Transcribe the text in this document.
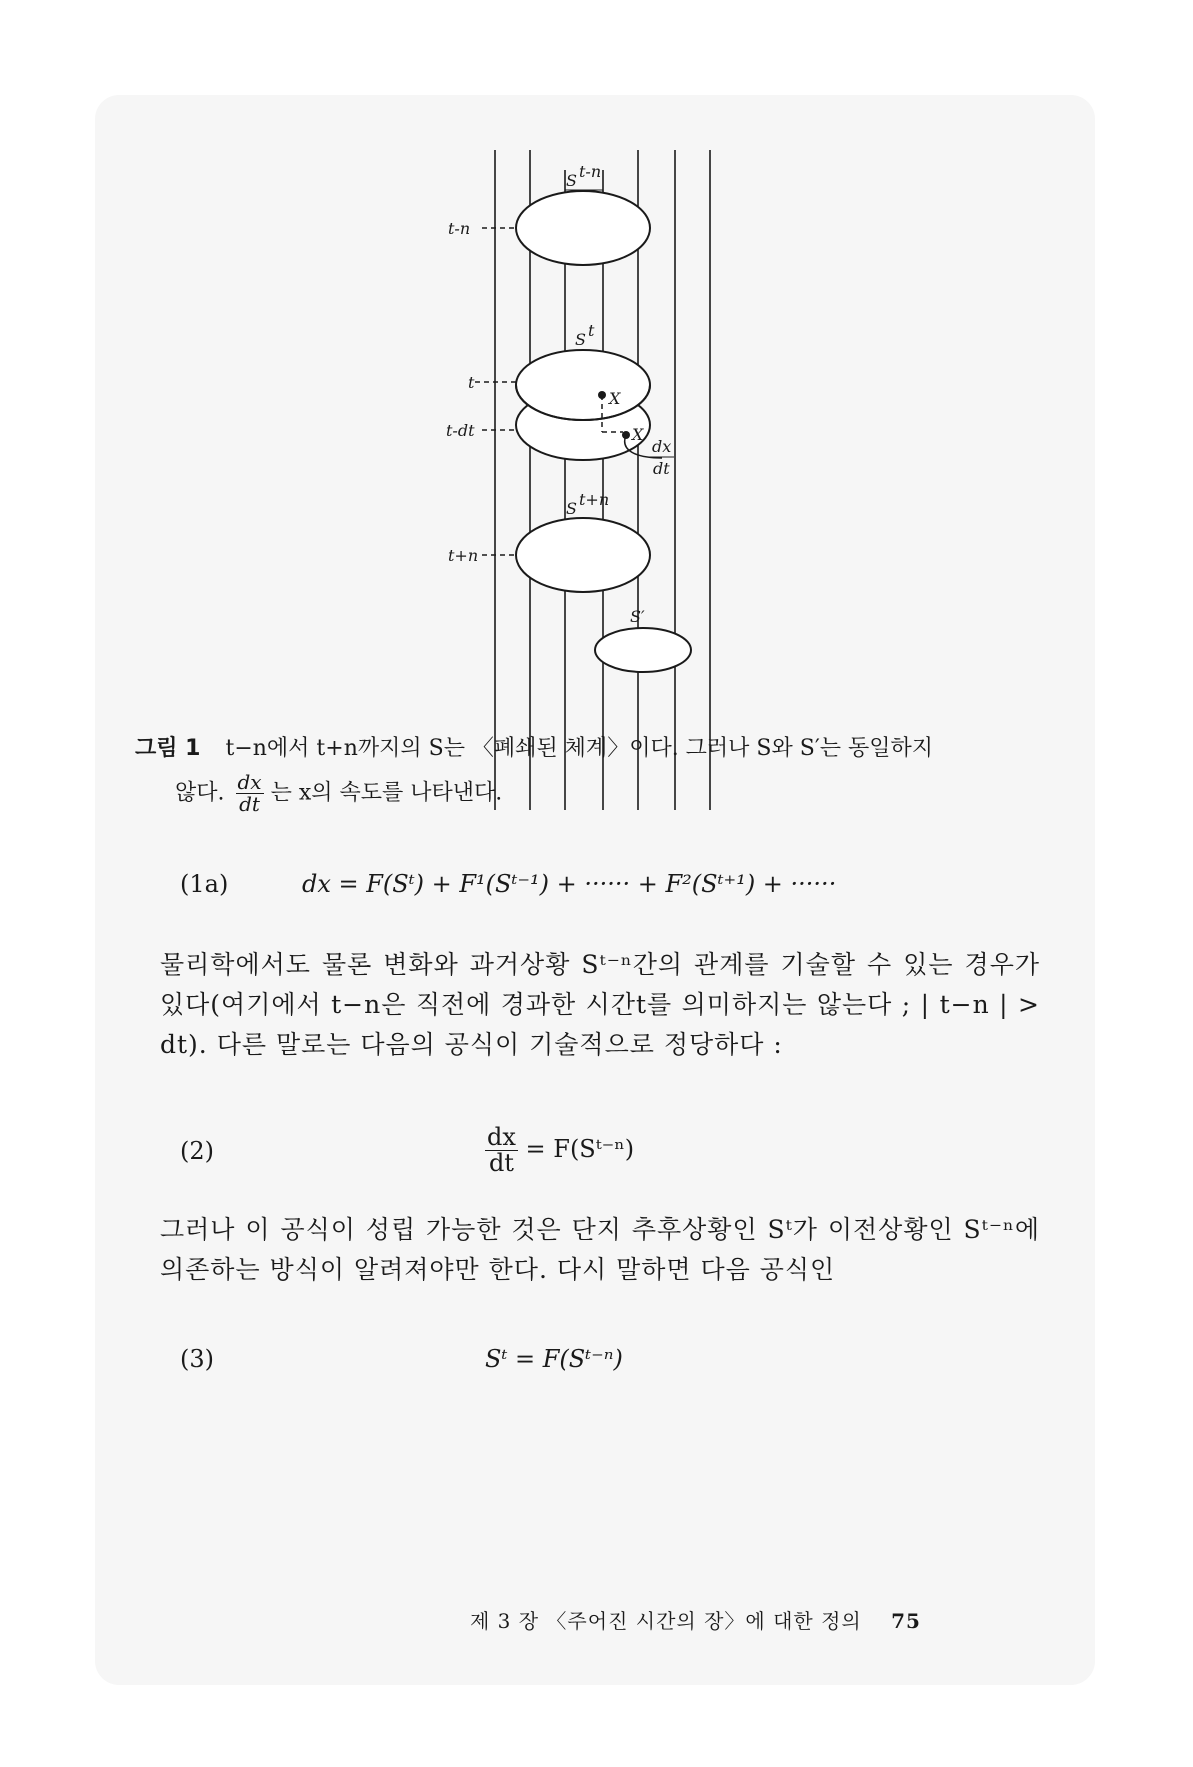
t-n
t
t-dt
t+n
S t-n
S t
X
X
dx
dt
S t+n
S′
그림 1 t−n에서 t+n까지의 S는 〈폐쇄된 체계〉이다. 그러나 S와 S′는 동일하지
않다. $\frac{dx}{dt}$ 는 x의 속도를 나타낸다.
(1a)	dx = F(Sᵗ) + F¹(Sᵗ⁻¹) + ······ + F²(Sᵗ⁺¹) + ······
물리학에서도 물론 변화와 과거상황 Sᵗ⁻ⁿ간의 관계를 기술할 수 있는 경우가 있다(여기에서 t−n은 직전에 경과한 시간t를 의미하지는 않는다 ; | t−n | > dt). 다른 말로는 다음의 공식이 기술적으로 정당하다 :
(2)	$\frac{dx}{dt}$ = F(Sᵗ⁻ⁿ)
그러나 이 공식이 성립 가능한 것은 단지 추후상황인 Sᵗ가 이전상황인 Sᵗ⁻ⁿ에 의존하는 방식이 알려져야만 한다. 다시 말하면 다음 공식인
(3)	Sᵗ = F(Sᵗ⁻ⁿ)
제 3 장 〈주어진 시간의 장〉에 대한 정의 75
